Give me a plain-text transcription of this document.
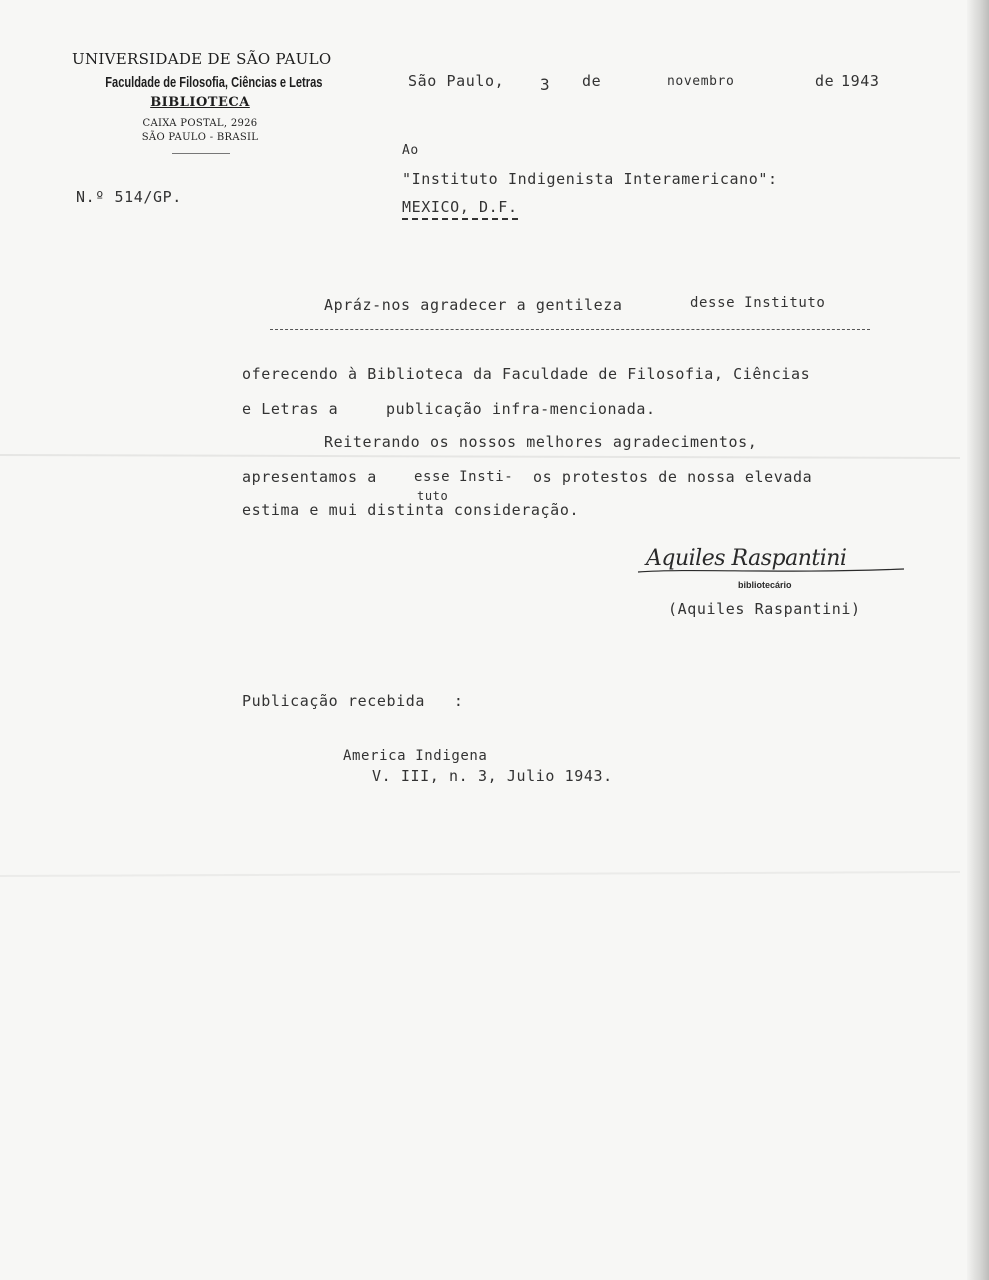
UNIVERSIDADE DE SÃO PAULO
Faculdade de Filosofia, Ciências e Letras
BIBLIOTECA
CAIXA POSTAL, 2926
SÃO PAULO - BRASIL
São Paulo, 3 de	novembro	de 1943
N.º 514/GP.
Ao
"Instituto Indigenista Interamericano":
MEXICO, D.F.
Apráz-nos agradecer a gentileza	desse Instituto
oferecendo à Biblioteca da Faculdade de Filosofia, Ciências
e Letras a	publicação infra-mencionada.
Reiterando os nossos melhores agradecimentos,
apresentamos a	esse Insti- os protestos de nossa elevada
tuto
estima e mui distinta consideração.
Aquiles Raspantini
bibliotecário
(Aquiles Raspantini)
Publicação recebida   :
America Indigena
V. III, n. 3, Julio 1943.
